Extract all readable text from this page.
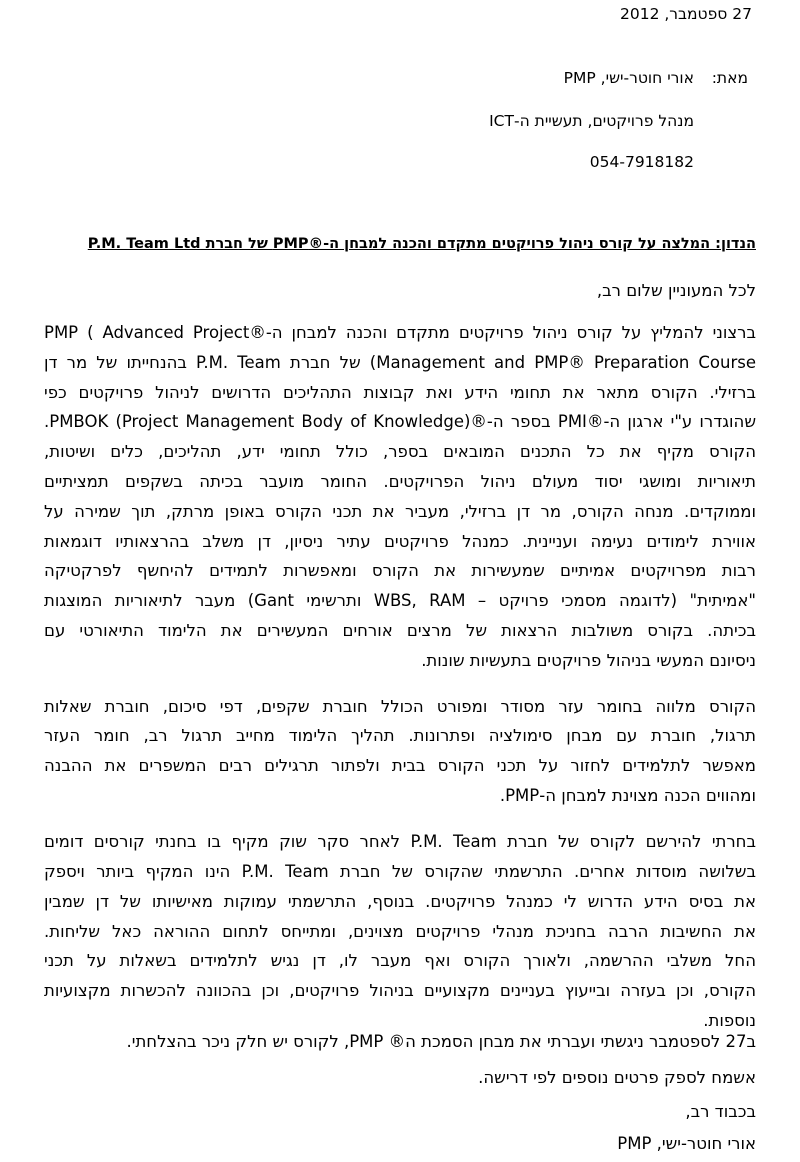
27 ספטמבר, 2012

מאת:

אורי חוטר-ישי, PMP

מנהל פרויקטים, תעשיית ה-ICT

054-7918182

הנדון: המלצה על קורס ניהול פרויקטים מתקדם והכנה למבחן ה-®PMP של חברת P.M. Team Ltd

לכל המעוניין שלום רב,

ברצוני להמליץ על קורס ניהול פרויקטים מתקדם והכנה למבחן ה-®PMP ( Advanced Project

Management and PMP® Preparation Course) של חברת P.M. Team בהנחייתו של מר דן

ברזילי. הקורס מתאר את תחומי הידע ואת קבוצות התהליכים הדרושים לניהול פרויקטים כפי

שהוגדרו ע"י ארגון ה-®PMI בספר ה-®PMBOK (Project Management Body of Knowledge).

הקורס מקיף את כל התכנים המובאים בספר, כולל תחומי ידע, תהליכים, כלים ושיטות,

תיאוריות ומושגי יסוד מעולם ניהול הפרויקטים. החומר מועבר בכיתה בשקפים תמציתיים

וממוקדים. מנחה הקורס, מר דן ברזילי, מעביר את תכני הקורס באופן מרתק, תוך שמירה על

אווירת לימודים נעימה ועניינית. כמנהל פרויקטים עתיר ניסיון, דן משלב בהרצאותיו דוגמאות

רבות מפרויקטים אמיתיים שמעשירות את הקורס ומאפשרות לתמידים להיחשף לפרקטיקה

"אמיתית" (לדוגמה מסמכי פרויקט – WBS, RAM ותרשימי Gant) מעבר לתיאוריות המוצגות

בכיתה. בקורס משולבות הרצאות של מרצים אורחים המעשירים את הלימוד התיאורטי עם

ניסיונם המעשי בניהול פרויקטים בתעשיות שונות.

הקורס מלווה בחומר עזר מסודר ומפורט הכולל חוברת שקפים, דפי סיכום, חוברת שאלות

תרגול, חוברת עם מבחן סימולציה ופתרונות. תהליך הלימוד מחייב תרגול רב, חומר העזר

מאפשר לתלמידים לחזור על תכני הקורס בבית ולפתור תרגילים רבים המשפרים את ההבנה

ומהווים הכנה מצוינת למבחן ה-PMP.

בחרתי להירשם לקורס של חברת P.M. Team לאחר סקר שוק מקיף בו בחנתי קורסים דומים

בשלושה מוסדות אחרים. התרשמתי שהקורס של חברת P.M. Team הינו המקיף ביותר ויספק

את בסיס הידע הדרוש לי כמנהל פרויקטים. בנוסף, התרשמתי עמוקות מאישיותו של דן שמבין

את החשיבות הרבה בחניכת מנהלי פרויקטים מצוינים, ומתייחס לתחום ההוראה כאל שליחות.

החל משלבי ההרשמה, ולאורך הקורס ואף מעבר לו, דן נגיש לתלמידים בשאלות על תכני

הקורס, וכן בעזרה ובייעוץ בעניינים מקצועיים בניהול פרויקטים, וכן בהכוונה להכשרות מקצועיות

נוספות.

ב27 לספטמבר ניגשתי ועברתי את מבחן הסמכת ה® PMP, לקורס יש חלק ניכר בהצלחתי.

אשמח לספק פרטים נוספים לפי דרישה.

בכבוד רב,

אורי חוטר-ישי, PMP
